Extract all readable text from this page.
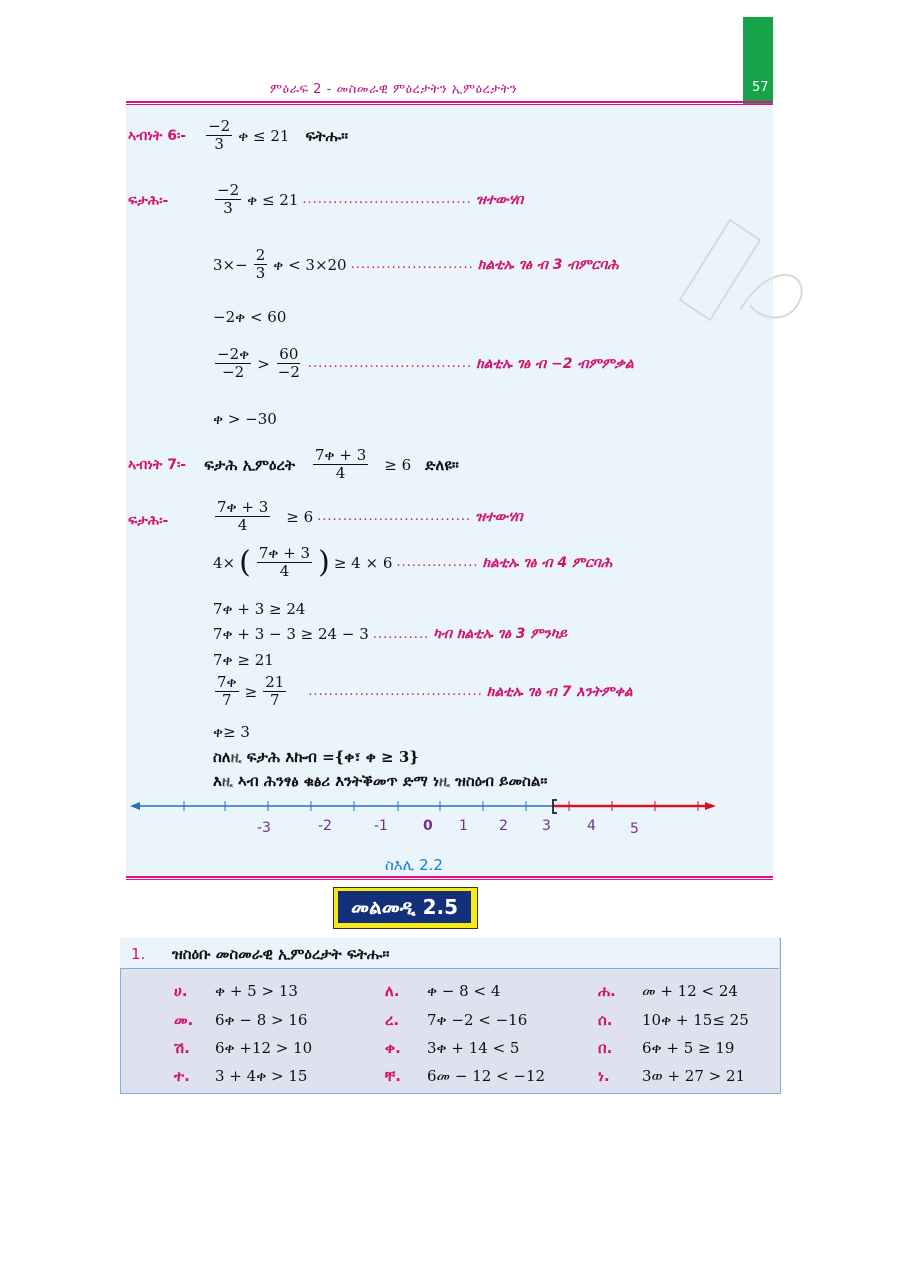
57
ምዕራፍ 2 - መስመራዊ ምዕረታትን ኢምዕረታትን
ኣብነት 6፡- $\frac{-2}{3}$ ቀ ≤ 21 ፍትሑ።
ፍታሕ፡-	$\frac{-2}{3}$ ቀ ≤ 21 ................................. ዝተውሃበ
$3\times- \frac{2}{3}$ ቀ < 3×20 ........................ ክልቲኡ ገፅ ብ 3 ብምርባሕ
−2ቀ < 60
$\frac{\text{−2ቀ}}{-2} > \frac{60}{-2}$ ................................ ክልቲኡ ገፅ ብ −2 ብምምቃል
ቀ > −30
ኣብነት 7፡- ፍታሕ ኢምዕረት $\frac{\text{7ቀ + 3}}{4} \ge 6$ ድለዩ።
ፍታሕ፡-	$\frac{\text{7ቀ + 3}}{4} \ge 6$ .............................. ዝተውሃበ
4× ( $\frac{\text{7ቀ + 3}}{4}$ ) ≥ 4 × 6 ................ ክልቲኡ ገፅ ብ 4 ምርባሕ
7ቀ + 3 ≥ 24
7ቀ + 3 − 3 ≥ 24 − 3 ........... ካብ ክልቲኡ ገፅ 3 ምንካይ
7ቀ ≥ 21
$\frac{\text{7ቀ}}{7} \ge \frac{21}{7}$ .................................. ክልቲኡ ገፅ ብ 7 እንትምቀል
ቀ≥ 3
ስለዚ ፍታሕ እኩብ ={ቀ፣ ቀ ≥ 3}
እዚ ኣብ ሕንፃፅ ቁፅሪ እንትቕመጥ ድማ ነዚ ዝስዕብ ይመስል።
-3	-2	-1	0 1 2 3	4 5
ስእሊ 2.2
መልመዲ 2.5
1. ዝስዕቡ መስመራዊ ኢምዕረታት ፍትሑ።
ሀ. ቀ + 5 > 13	ለ. ቀ − 8 < 4	ሐ. መ + 12 < 24
መ. 6ቀ − 8 > 16	ረ. 7ቀ −2 < −16	ሰ. 10ቀ + 15≤ 25
ሽ. 6ቀ +12 > 10	ቀ. 3ቀ + 14 < 5	በ. 6ቀ + 5 ≥ 19
ተ. 3 + 4ቀ > 15	ቸ. 6መ − 12 < −12	ነ. 3ወ + 27 > 21
